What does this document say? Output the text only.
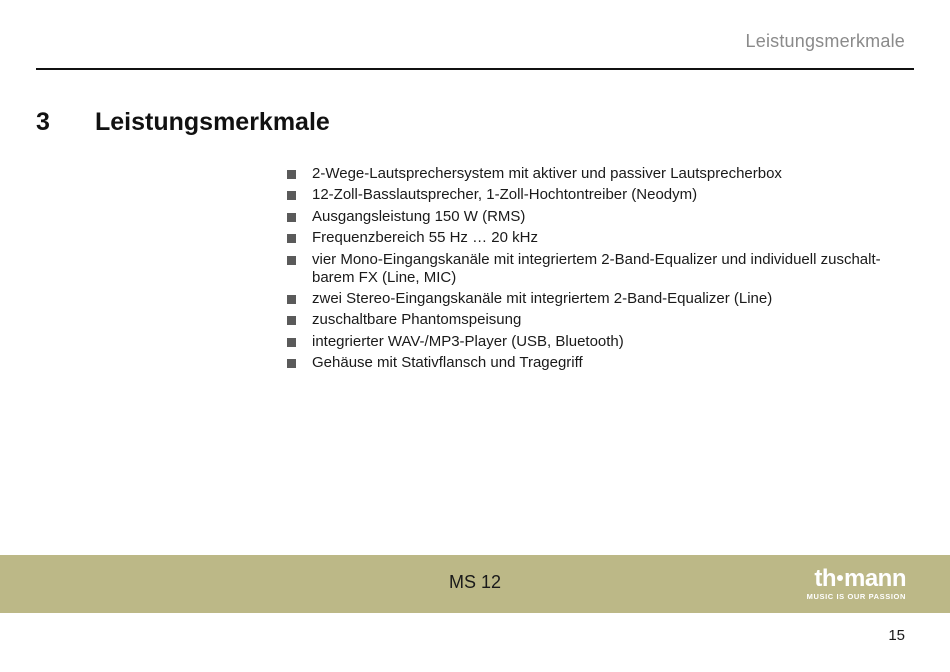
Leistungsmerkmale
3 Leistungsmerkmale
2-Wege-Lautsprechersystem mit aktiver und passiver Lautsprecherbox
12-Zoll-Basslautsprecher, 1-Zoll-Hochtontreiber (Neodym)
Ausgangsleistung 150 W (RMS)
Frequenzbereich 55 Hz … 20 kHz
vier Mono-Eingangskanäle mit integriertem 2-Band-Equalizer und individuell zuschaltbarem FX (Line, MIC)
zwei Stereo-Eingangskanäle mit integriertem 2-Band-Equalizer (Line)
zuschaltbare Phantomspeisung
integrierter WAV-/MP3-Player (USB, Bluetooth)
Gehäuse mit Stativflansch und Tragegriff
MS 12	th mann
MUSIC IS OUR PASSION
15
